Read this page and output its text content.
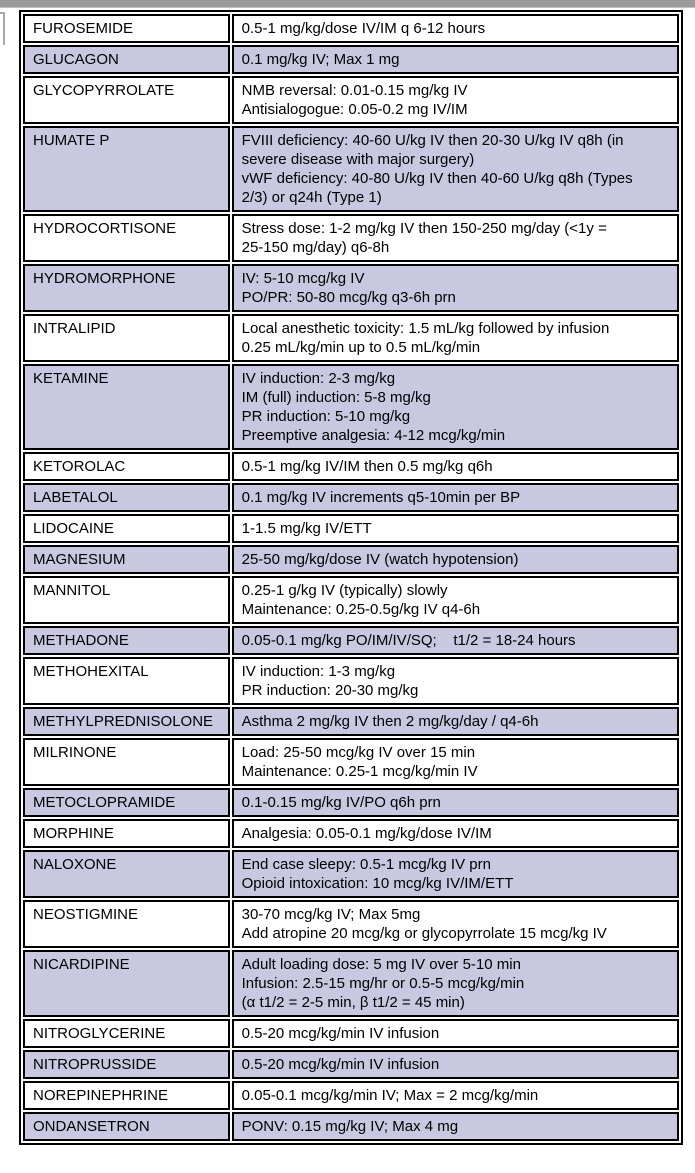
FUROSEMIDE	0.5-1 mg/kg/dose IV/IM q 6-12 hours
GLUCAGON	0.1 mg/kg IV; Max 1 mg
GLYCOPYRROLATE	NMB reversal: 0.01-0.15 mg/kg IV
Antisialogogue: 0.05-0.2 mg IV/IM
HUMATE P	FVIII deficiency: 40-60 U/kg IV then 20-30 U/kg IV q8h (in
severe disease with major surgery)
vWF deficiency: 40-80 U/kg IV then 40-60 U/kg q8h (Types
2/3) or q24h (Type 1)
HYDROCORTISONE	Stress dose: 1-2 mg/kg IV then 150-250 mg/day (<1y =
25-150 mg/day) q6-8h
HYDROMORPHONE	IV: 5-10 mcg/kg IV
PO/PR: 50-80 mcg/kg q3-6h prn
INTRALIPID	Local anesthetic toxicity: 1.5 mL/kg followed by infusion
0.25 mL/kg/min up to 0.5 mL/kg/min
KETAMINE	IV induction: 2-3 mg/kg
IM (full) induction: 5-8 mg/kg
PR induction: 5-10 mg/kg
Preemptive analgesia: 4-12 mcg/kg/min
KETOROLAC	0.5-1 mg/kg IV/IM then 0.5 mg/kg q6h
LABETALOL	0.1 mg/kg IV increments q5-10min per BP
LIDOCAINE	1-1.5 mg/kg IV/ETT
MAGNESIUM	25-50 mg/kg/dose IV (watch hypotension)
MANNITOL	0.25-1 g/kg IV (typically) slowly
Maintenance: 0.25-0.5g/kg IV q4-6h
METHADONE	0.05-0.1 mg/kg PO/IM/IV/SQ;    t1/2 = 18-24 hours
METHOHEXITAL	IV induction: 1-3 mg/kg
PR induction: 20-30 mg/kg
METHYLPREDNISOLONE	Asthma 2 mg/kg IV then 2 mg/kg/day / q4-6h
MILRINONE	Load: 25-50 mcg/kg IV over 15 min
Maintenance: 0.25-1 mcg/kg/min IV
METOCLOPRAMIDE	0.1-0.15 mg/kg IV/PO q6h prn
MORPHINE	Analgesia: 0.05-0.1 mg/kg/dose IV/IM
NALOXONE	End case sleepy: 0.5-1 mcg/kg IV prn
Opioid intoxication: 10 mcg/kg IV/IM/ETT
NEOSTIGMINE	30-70 mcg/kg IV; Max 5mg
Add atropine 20 mcg/kg or glycopyrrolate 15 mcg/kg IV
NICARDIPINE	Adult loading dose: 5 mg IV over 5-10 min
Infusion: 2.5-15 mg/hr or 0.5-5 mcg/kg/min
(α t1/2 = 2-5 min, β t1/2 = 45 min)
NITROGLYCERINE	0.5-20 mcg/kg/min IV infusion
NITROPRUSSIDE	0.5-20 mcg/kg/min IV infusion
NOREPINEPHRINE	0.05-0.1 mcg/kg/min IV; Max = 2 mcg/kg/min
ONDANSETRON	PONV: 0.15 mg/kg IV; Max 4 mg
